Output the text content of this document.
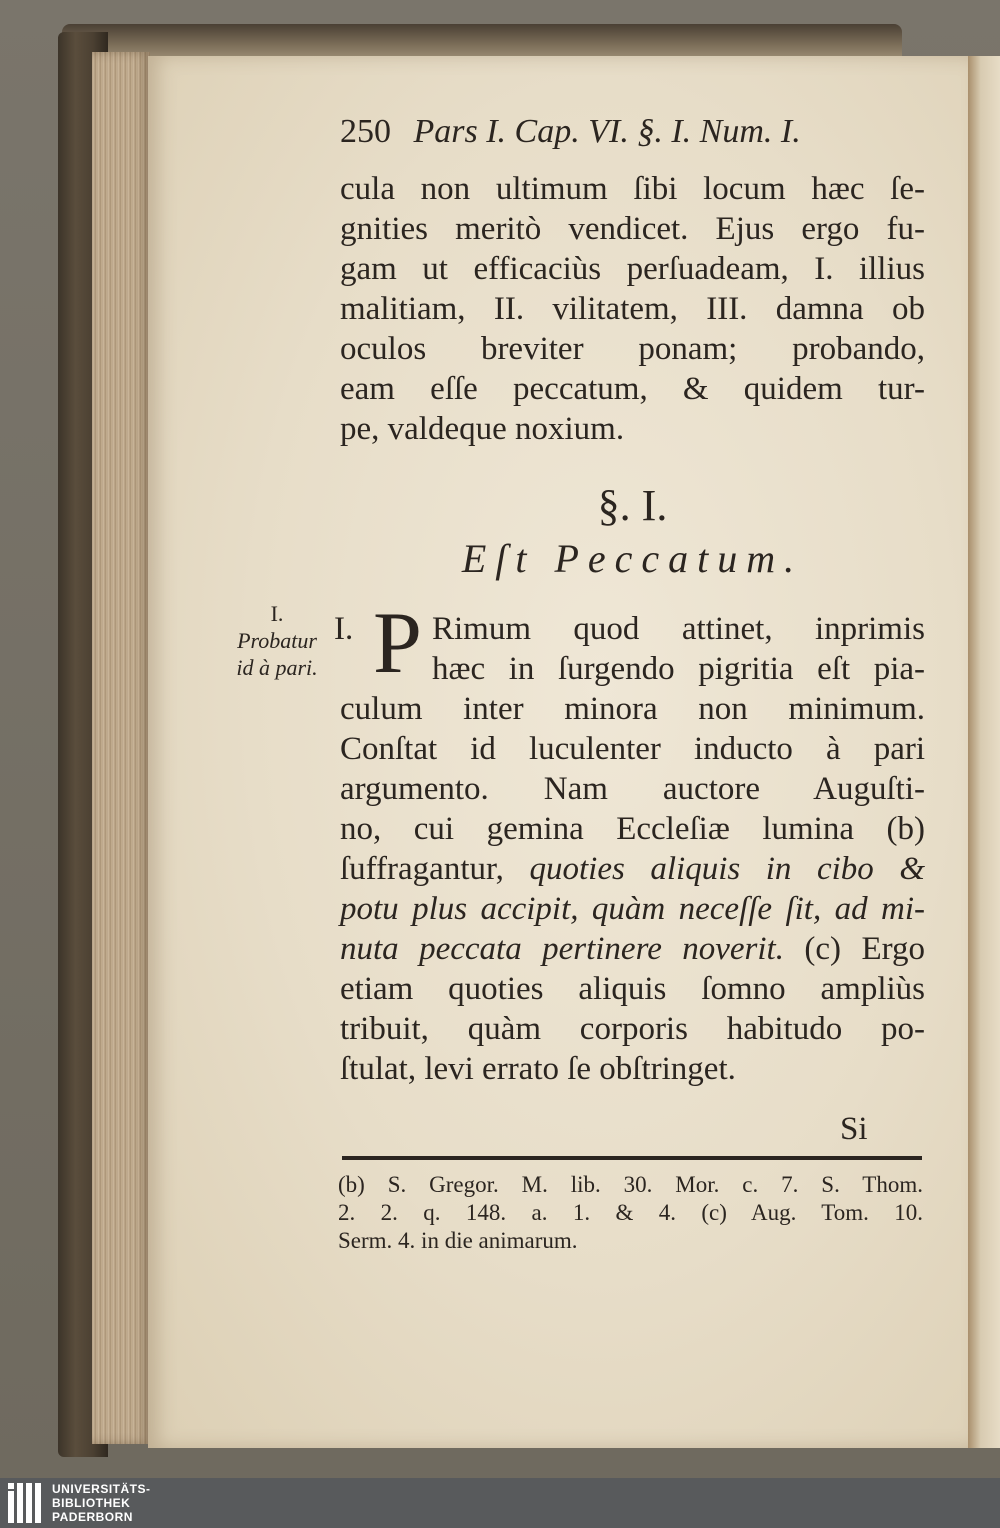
250 Pars I. Cap. VI. §. I. Num. I.
cula non ultimum ſibi locum hæc ſe-
gnities meritò vendicet. Ejus ergo fu-
gam ut efficaciùs perſuadeam, I. illius
malitiam, II. vilitatem, III. damna ob
oculos breviter ponam; probando,
eam eſſe peccatum, & quidem tur-
pe, valdeque noxium.
§. I.
Eſt Peccatum.
I.
Probatur
id à pari.
I. P Rimum quod attinet, inprimis
hæc in ſurgendo pigritia eſt pia-
culum inter minora non minimum.
Conſtat id luculenter inducto à pari
argumento. Nam auctore Auguſti-
no, cui gemina Eccleſiæ lumina (b)
ſuffragantur, quoties aliquis in cibo &
potu plus accipit, quàm neceſſe ſit, ad mi-
nuta peccata pertinere noverit. (c) Ergo
etiam quoties aliquis ſomno ampliùs
tribuit, quàm corporis habitudo po-
ſtulat, levi errato ſe obſtringet.
Si
(b) S. Gregor. M. lib. 30. Mor. c. 7. S. Thom.
2. 2. q. 148. a. 1. & 4. (c) Aug. Tom. 10.
Serm. 4. in die animarum.
UNIVERSITÄTS-
BIBLIOTHEK
PADERBORN
